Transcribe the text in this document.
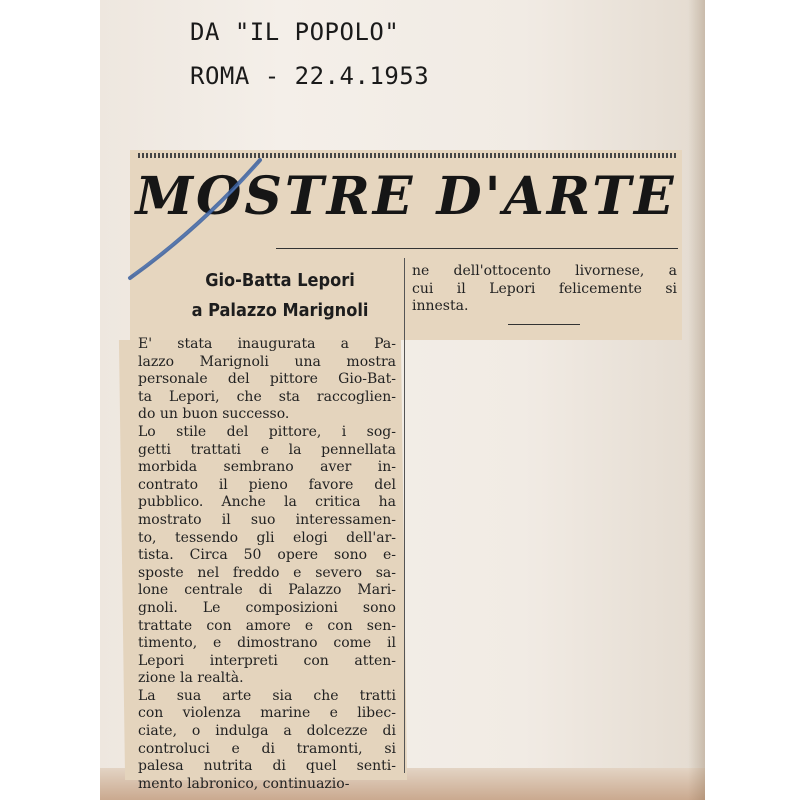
DA "IL POPOLO"
ROMA - 22.4.1953
MOSTRE D'ARTE
Gio-Batta Lepori
a Palazzo Marignoli
E' stata inaugurata a Pa-
lazzo Marignoli una mostra
personale del pittore Gio-Bat-
ta Lepori, che sta raccoglien-
do un buon successo.
Lo stile del pittore, i sog-
getti trattati e la pennellata
morbida sembrano aver in-
contrato il pieno favore del
pubblico. Anche la critica ha
mostrato il suo interessamen-
to, tessendo gli elogi dell'ar-
tista. Circa 50 opere sono e-
sposte nel freddo e severo sa-
lone centrale di Palazzo Mari-
gnoli. Le composizioni sono
trattate con amore e con sen-
timento, e dimostrano come il
Lepori interpreti con atten-
zione la realtà.
La sua arte sia che tratti
con violenza marine e libec-
ciate, o indulga a dolcezze di
controluci e di tramonti, si
palesa nutrita di quel senti-
mento labronico, continuazio-
ne dell'ottocento livornese, a
cui il Lepori felicemente si
innesta.
